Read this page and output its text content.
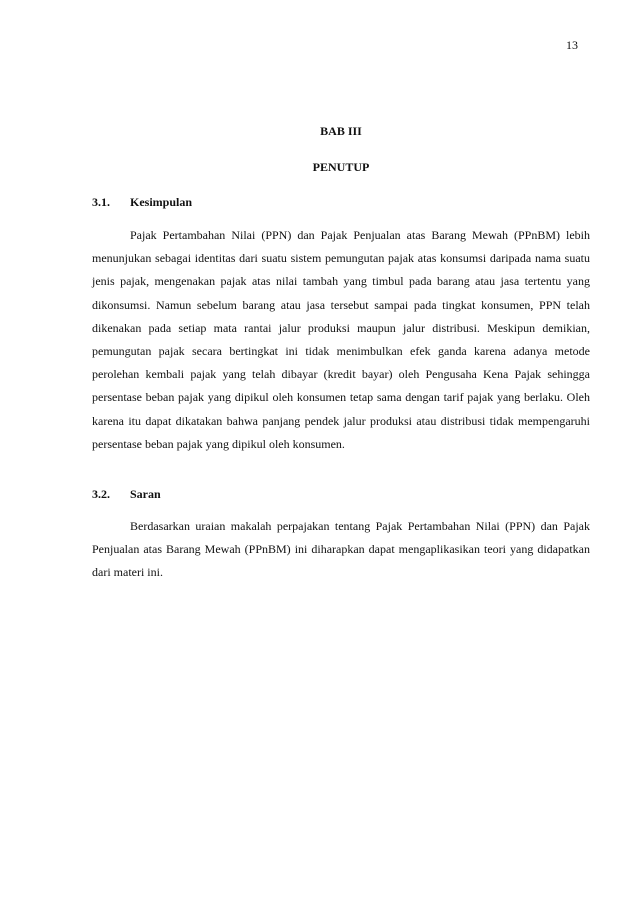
13
BAB III
PENUTUP
3.1.	Kesimpulan

Pajak Pertambahan Nilai (PPN) dan Pajak Penjualan atas Barang Mewah (PPnBM) lebih menunjukan sebagai identitas dari suatu sistem pemungutan pajak atas konsumsi daripada nama suatu jenis pajak, mengenakan pajak atas nilai tambah yang timbul pada barang atau jasa tertentu yang dikonsumsi. Namun sebelum barang atau jasa tersebut sampai pada tingkat konsumen, PPN telah dikenakan pada setiap mata rantai jalur produksi maupun jalur distribusi. Meskipun demikian, pemungutan pajak secara bertingkat ini tidak menimbulkan efek ganda karena adanya metode perolehan kembali pajak yang telah dibayar (kredit bayar) oleh Pengusaha Kena Pajak sehingga persentase beban pajak yang dipikul oleh konsumen tetap sama dengan tarif pajak yang berlaku. Oleh karena itu dapat dikatakan bahwa panjang pendek jalur produksi atau distribusi tidak mempengaruhi persentase beban pajak yang dipikul oleh konsumen.

3.2.	Saran

Berdasarkan uraian makalah perpajakan tentang Pajak Pertambahan Nilai (PPN) dan Pajak Penjualan atas Barang Mewah (PPnBM) ini diharapkan dapat mengaplikasikan teori yang didapatkan dari materi ini.
